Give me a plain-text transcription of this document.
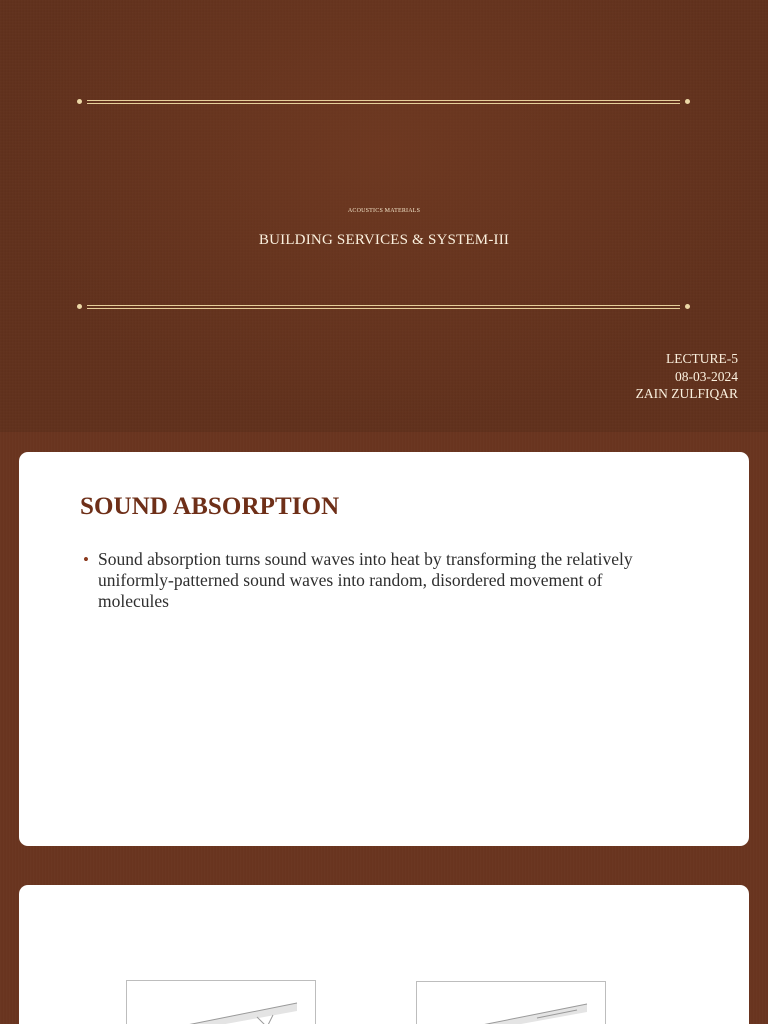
ACOUSTICS MATERIALS
BUILDING SERVICES & SYSTEM-III
LECTURE-5
08-03-2024
ZAIN ZULFIQAR
SOUND ABSORPTION
• Sound absorption turns sound waves into heat by transforming the relatively uniformly-patterned sound waves into random, disordered movement of molecules
